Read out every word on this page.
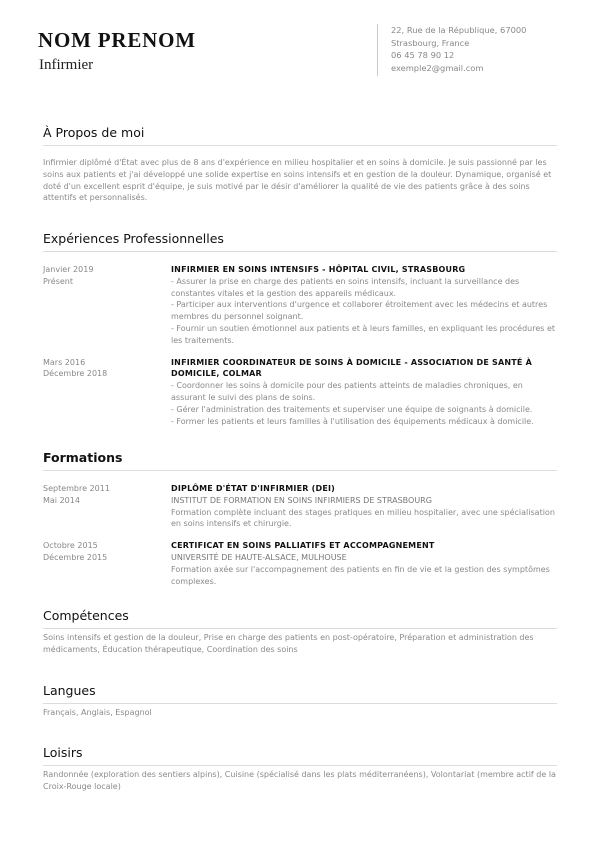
NOM PRENOM
Infirmier
22, Rue de la République, 67000
Strasbourg, France
06 45 78 90 12
exemple2@gmail.com
À Propos de moi
Infirmier diplômé d'État avec plus de 8 ans d'expérience en milieu hospitalier et en soins à domicile. Je suis passionné par les soins aux patients et j'ai développé une solide expertise en soins intensifs et en gestion de la douleur. Dynamique, organisé et doté d'un excellent esprit d'équipe, je suis motivé par le désir d'améliorer la qualité de vie des patients grâce à des soins attentifs et personnalisés.
Expériences Professionnelles
Janvier 2019
Présent
INFIRMIER EN SOINS INTENSIFS - HÔPITAL CIVIL, STRASBOURG
- Assurer la prise en charge des patients en soins intensifs, incluant la surveillance des constantes vitales et la gestion des appareils médicaux.
- Participer aux interventions d'urgence et collaborer étroitement avec les médecins et autres membres du personnel soignant.
- Fournir un soutien émotionnel aux patients et à leurs familles, en expliquant les procédures et les traitements.
Mars 2016
Décembre 2018
INFIRMIER COORDINATEUR DE SOINS À DOMICILE - ASSOCIATION DE SANTÉ À DOMICILE, COLMAR
- Coordonner les soins à domicile pour des patients atteints de maladies chroniques, en assurant le suivi des plans de soins.
- Gérer l'administration des traitements et superviser une équipe de soignants à domicile.
- Former les patients et leurs familles à l'utilisation des équipements médicaux à domicile.
Formations
Septembre 2011
Mai 2014
DIPLÔME D'ÉTAT D'INFIRMIER (DEI)
INSTITUT DE FORMATION EN SOINS INFIRMIERS DE STRASBOURG
Formation complète incluant des stages pratiques en milieu hospitalier, avec une spécialisation en soins intensifs et chirurgie.
Octobre 2015
Décembre 2015
CERTIFICAT EN SOINS PALLIATIFS ET ACCOMPAGNEMENT
UNIVERSITÉ DE HAUTE-ALSACE, MULHOUSE
Formation axée sur l'accompagnement des patients en fin de vie et la gestion des symptômes complexes.
Compétences
Soins intensifs et gestion de la douleur, Prise en charge des patients en post-opératoire, Préparation et administration des médicaments, Éducation thérapeutique, Coordination des soins
Langues
Français, Anglais, Espagnol
Loisirs
Randonnée (exploration des sentiers alpins), Cuisine (spécialisé dans les plats méditerranéens), Volontariat (membre actif de la Croix-Rouge locale)
